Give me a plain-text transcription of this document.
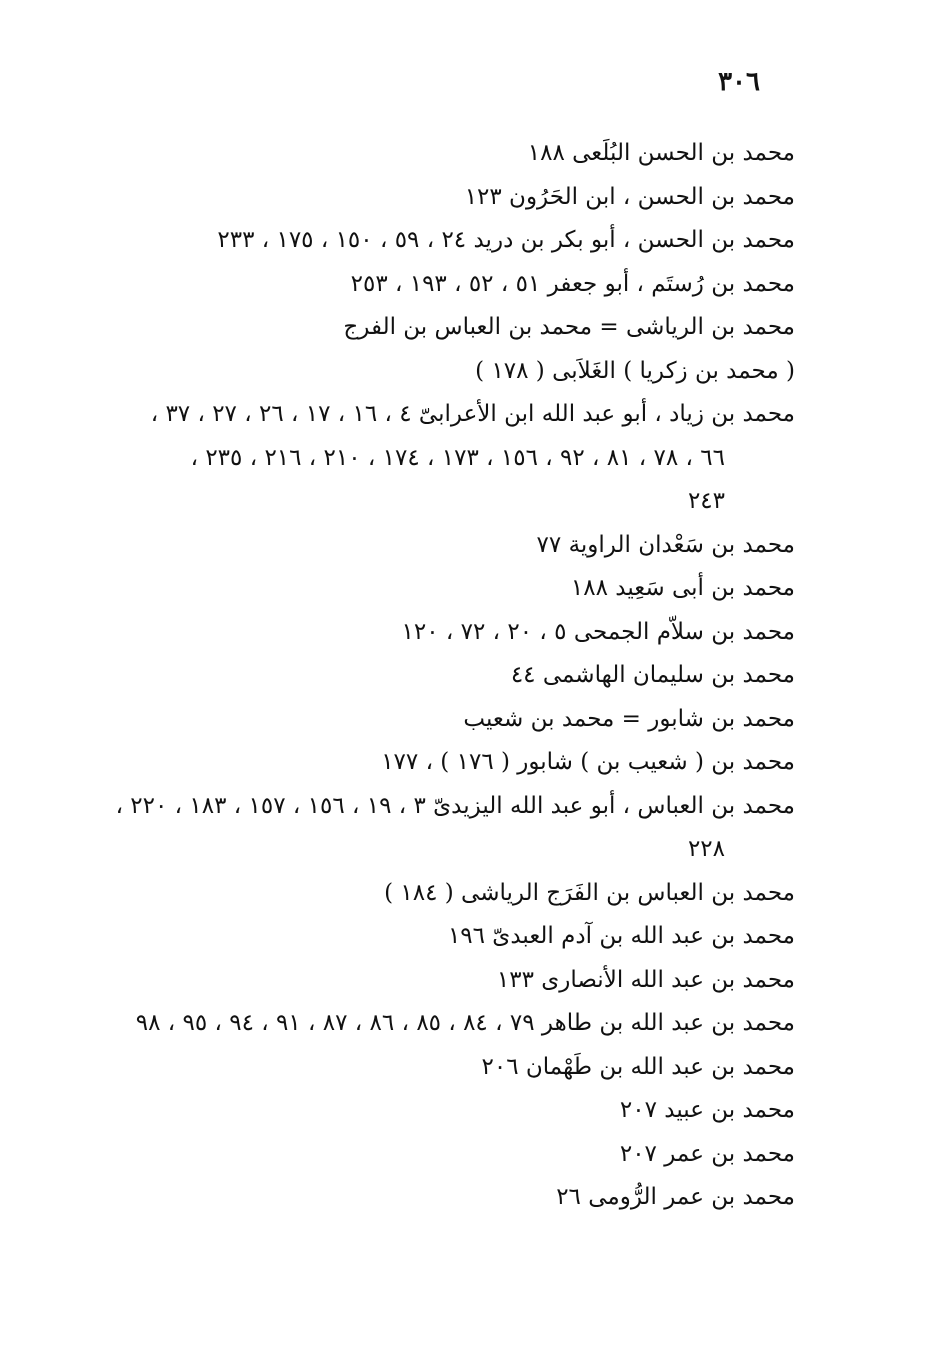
٣٠٦
محمد بن الحسن البُلَعى ١٨٨
محمد بن الحسن ، ابن الحَرُون ١٢٣
محمد بن الحسن ، أبو بكر بن دريد ٢٤ ، ٥٩ ، ١٥٠ ، ١٧٥ ، ٢٣٣
محمد بن رُستَم ، أبو جعفر ٥١ ، ٥٢ ، ١٩٣ ، ٢٥٣
محمد بن الرياشى = محمد بن العباس بن الفرج
( محمد بن زكريا ) الغَلاَبى ( ١٧٨ )
محمد بن زياد ، أبو عبد الله ابن الأعرابىّ ٤ ، ١٦ ، ١٧ ، ٢٦ ، ٢٧ ، ٣٧ ،
٦٦ ، ٧٨ ، ٨١ ، ٩٢ ، ١٥٦ ، ١٧٣ ، ١٧٤ ، ٢١٠ ، ٢١٦ ، ٢٣٥ ،
٢٤٣
محمد بن سَعْدان الراوية ٧٧
محمد بن أبى سَعِيد ١٨٨
محمد بن سلاّم الجمحى ٥ ، ٢٠ ، ٧٢ ، ١٢٠
محمد بن سليمان الهاشمى ٤٤
محمد بن شابور = محمد بن شعيب
محمد بن ( شعيب بن ) شابور ( ١٧٦ ) ، ١٧٧
محمد بن العباس ، أبو عبد الله اليزيدىّ ٣ ، ١٩ ، ١٥٦ ، ١٥٧ ، ١٨٣ ، ٢٢٠ ،
٢٢٨
محمد بن العباس بن الفَرَج الرياشى ( ١٨٤ )
محمد بن عبد الله بن آدم العبدىّ ١٩٦
محمد بن عبد الله الأنصارى ١٣٣
محمد بن عبد الله بن طاهر ٧٩ ، ٨٤ ، ٨٥ ، ٨٦ ، ٨٧ ، ٩١ ، ٩٤ ، ٩٥ ، ٩٨
محمد بن عبد الله بن طَهْمان ٢٠٦
محمد بن عبيد ٢٠٧
محمد بن عمر ٢٠٧
محمد بن عمر الرُّومى ٢٦
